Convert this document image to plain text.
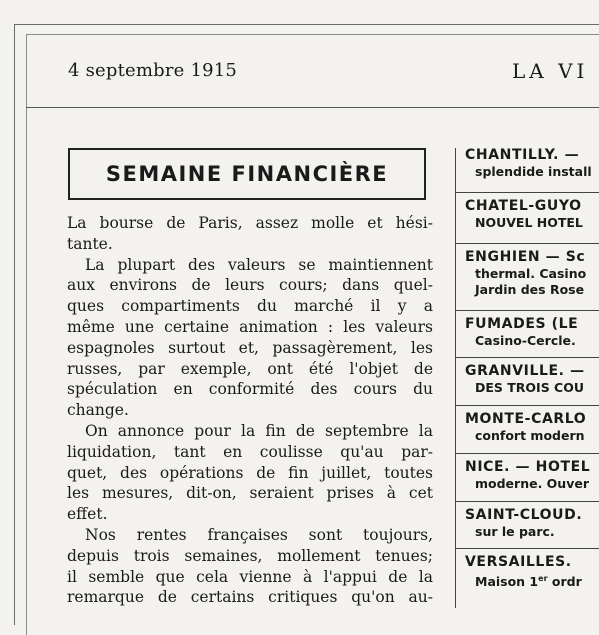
4 septembre 1915	LA VI
SEMAINE FINANCIÈRE
La bourse de Paris, assez molle et hési-
tante.
La plupart des valeurs se maintiennent
aux environs de leurs cours; dans quel-
ques compartiments du marché il y a
même une certaine animation : les valeurs
espagnoles surtout et, passagèrement, les
russes, par exemple, ont été l'objet de
spéculation en conformité des cours du
change.
On annonce pour la fin de septembre la
liquidation, tant en coulisse qu'au par-
quet, des opérations de fin juillet, toutes
les mesures, dit-on, seraient prises à cet
effet.
Nos rentes françaises sont toujours,
depuis trois semaines, mollement tenues;
il semble que cela vienne à l'appui de la
remarque de certains critiques qu'on au-
CHANTILLY. —
splendide install
CHATEL-GUYO
NOUVEL HOTEL
ENGHIEN — Sc
thermal. Casino
Jardin des Rose
FUMADES (LE
Casino-Cercle.
GRANVILLE. —
DES TROIS COU
MONTE-CARLO
confort modern
NICE. — HOTEL
moderne. Ouver
SAINT-CLOUD.
sur le parc.
VERSAILLES.
Maison 1er ordr
